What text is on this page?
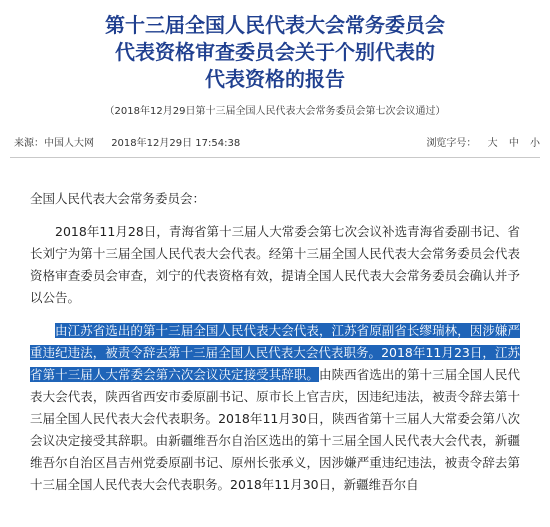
第十三届全国人民代表大会常务委员会
代表资格审查委员会关于个别代表的
代表资格的报告
（2018年12月29日第十三届全国人民代表大会常务委员会第七次会议通过）
来源：中国人大网 2018年12月29日 17:54:38	浏览字号： 大 中 小

全国人民代表大会常务委员会：

2018年11月28日，青海省第十三届人大常委会第七次会议补选青海省委副书记、省长刘宁为第十三届全国人民代表大会代表。经第十三届全国人民代表大会常务委员会代表资格审查委员会审查，刘宁的代表资格有效，提请全国人民代表大会常务委员会确认并予以公告。

由江苏省选出的第十三届全国人民代表大会代表，江苏省原副省长缪瑞林，因涉嫌严重违纪违法，被责令辞去第十三届全国人民代表大会代表职务。2018年11月23日，江苏省第十三届人大常委会第六次会议决定接受其辞职。由陕西省选出的第十三届全国人民代表大会代表，陕西省西安市委原副书记、原市长上官吉庆，因违纪违法，被责令辞去第十三届全国人民代表大会代表职务。2018年11月30日，陕西省第十三届人大常委会第八次会议决定接受其辞职。由新疆维吾尔自治区选出的第十三届全国人民代表大会代表，新疆维吾尔自治区昌吉州党委原副书记、原州长张承义，因涉嫌严重违纪违法，被责令辞去第十三届全国人民代表大会代表职务。2018年11月30日，新疆维吾尔自
